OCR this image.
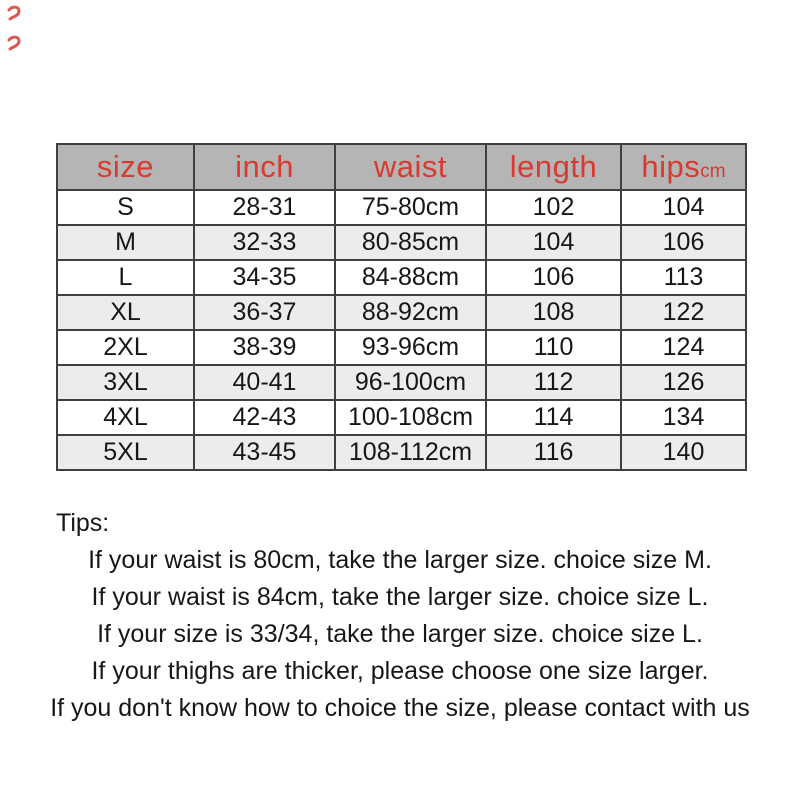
size	inch	waist	length	hipscm
S	28-31	75-80cm	102	104
M	32-33	80-85cm	104	106
L	34-35	84-88cm	106	113
XL	36-37	88-92cm	108	122
2XL	38-39	93-96cm	110	124
3XL	40-41	96-100cm	112	126
4XL	42-43	100-108cm	114	134
5XL	43-45	108-112cm	116	140

Tips:

If your waist is 80cm, take the larger size. choice size M.

If your waist is 84cm, take the larger size. choice size L.

If your size is 33/34, take the larger size. choice size L.

If your thighs are thicker, please choose one size larger.

If you don't know how to choice the size, please contact with us
